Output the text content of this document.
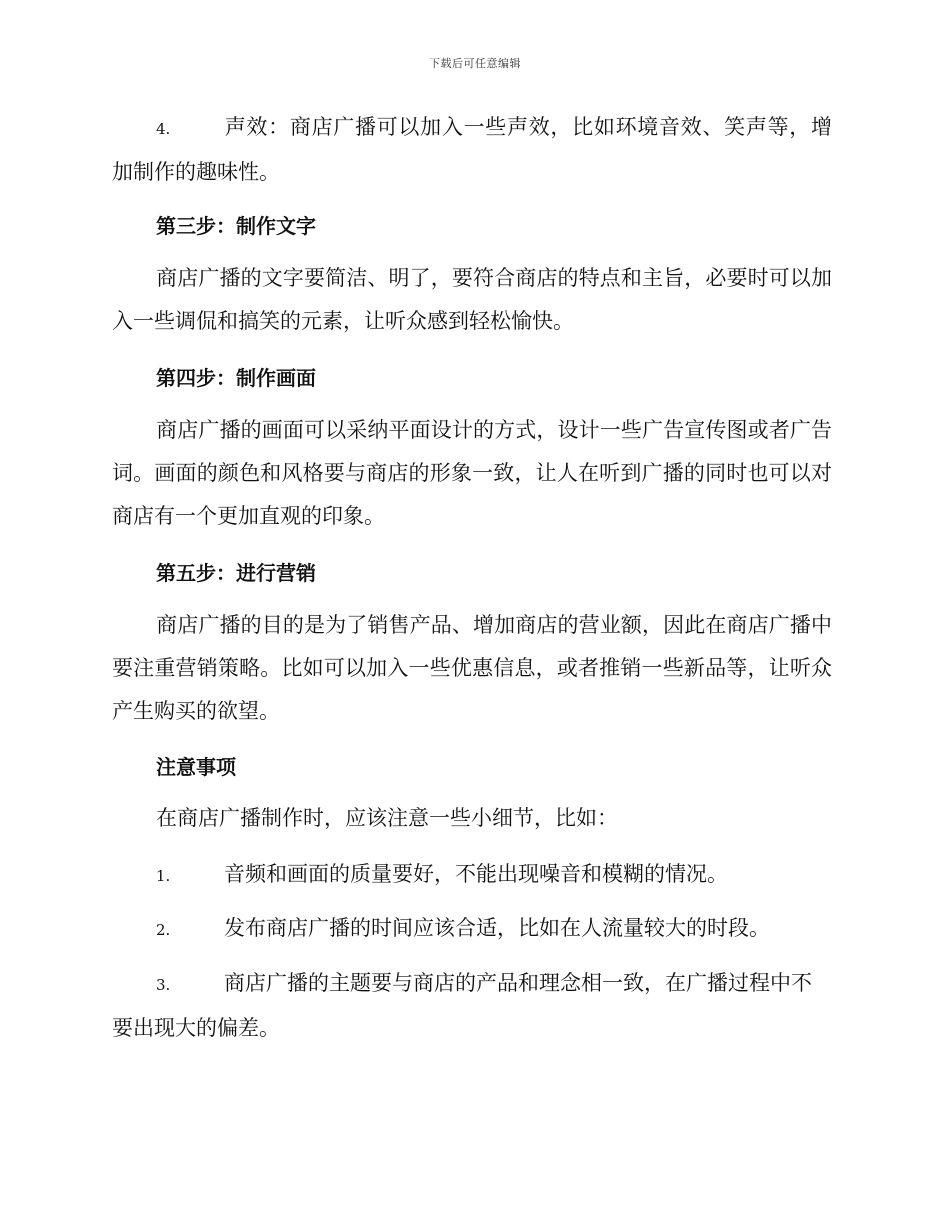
下载后可任意编辑
4.	声效：商店广播可以加入一些声效，比如环境音效、笑声等，增加制作的趣味性。
第三步：制作文字
商店广播的文字要简洁、明了，要符合商店的特点和主旨，必要时可以加入一些调侃和搞笑的元素，让听众感到轻松愉快。
第四步：制作画面
商店广播的画面可以采纳平面设计的方式，设计一些广告宣传图或者广告词。画面的颜色和风格要与商店的形象一致，让人在听到广播的同时也可以对商店有一个更加直观的印象。
第五步：进行营销
商店广播的目的是为了销售产品、增加商店的营业额，因此在商店广播中要注重营销策略。比如可以加入一些优惠信息，或者推销一些新品等，让听众产生购买的欲望。
注意事项
在商店广播制作时，应该注意一些小细节，比如：
1.	音频和画面的质量要好，不能出现噪音和模糊的情况。
2.	发布商店广播的时间应该合适，比如在人流量较大的时段。
3.	商店广播的主题要与商店的产品和理念相一致，在广播过程中不要出现大的偏差。
